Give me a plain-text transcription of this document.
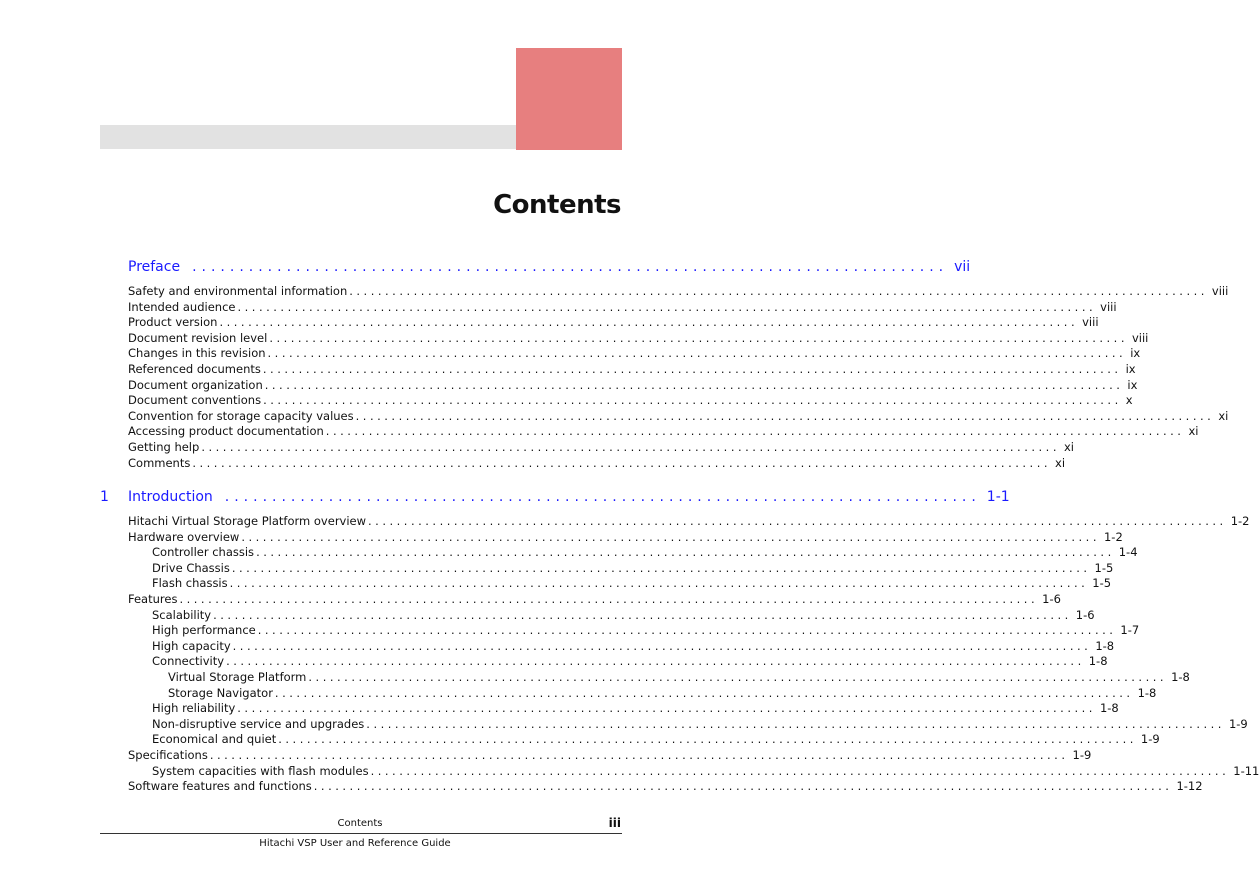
Contents
Preface ................................................................................ vii
Safety and environmental information ........................................................................................................................ viii
Intended audience ........................................................................................................................ viii
Product version ........................................................................................................................ viii
Document revision level ........................................................................................................................ viii
Changes in this revision ........................................................................................................................ ix
Referenced documents ........................................................................................................................ ix
Document organization ........................................................................................................................ ix
Document conventions ........................................................................................................................ x
Convention for storage capacity values ........................................................................................................................ xi
Accessing product documentation ........................................................................................................................ xi
Getting help ........................................................................................................................ xi
Comments ........................................................................................................................ xi
1 Introduction ................................................................................ 1-1
Hitachi Virtual Storage Platform overview ........................................................................................................................ 1-2
Hardware overview ........................................................................................................................ 1-2
Controller chassis ........................................................................................................................ 1-4
Drive Chassis ........................................................................................................................ 1-5
Flash chassis ........................................................................................................................ 1-5
Features ........................................................................................................................ 1-6
Scalability ........................................................................................................................ 1-6
High performance ........................................................................................................................ 1-7
High capacity ........................................................................................................................ 1-8
Connectivity ........................................................................................................................ 1-8
Virtual Storage Platform ........................................................................................................................ 1-8
Storage Navigator ........................................................................................................................ 1-8
High reliability ........................................................................................................................ 1-8
Non-disruptive service and upgrades ........................................................................................................................ 1-9
Economical and quiet ........................................................................................................................ 1-9
Specifications ........................................................................................................................ 1-9
System capacities with flash modules ........................................................................................................................ 1-11
Software features and functions ........................................................................................................................ 1-12
Contents	iii
Hitachi VSP User and Reference Guide
